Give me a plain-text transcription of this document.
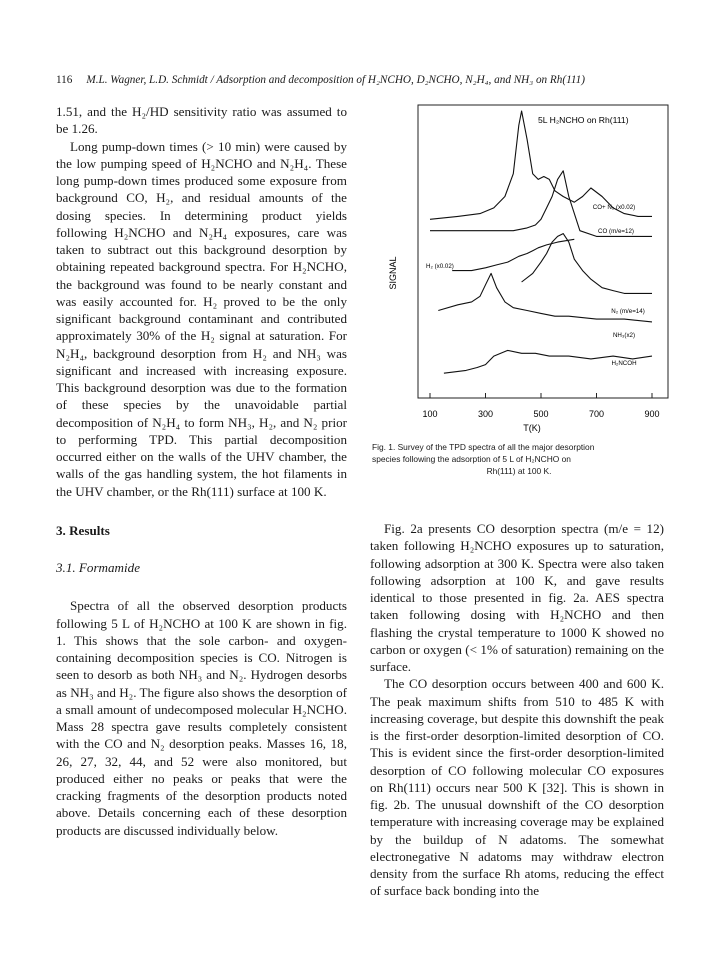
116 M.L. Wagner, L.D. Schmidt / Adsorption and decomposition of H₂NCHO, D₂NCHO, N₂H₄, and NH₃ on Rh(111)

1.51, and the H₂/HD sensitivity ratio was assumed to be 1.26.

Long pump-down times (> 10 min) were caused by the low pumping speed of H₂NCHO and N₂H₄. These long pump-down times produced some exposure from background CO, H₂, and residual amounts of the dosing species. In determining product yields following H₂NCHO and N₂H₄ exposures, care was taken to subtract out this background desorption by obtaining repeated background spectra. For H₂NCHO, the background was found to be nearly constant and was easily accounted for. H₂ proved to be the only significant background contaminant and contributed approximately 30% of the H₂ signal at saturation. For N₂H₄, background desorption from H₂ and NH₃ was significant and increased with increasing exposure. This background desorption was due to the formation of these species by the unavoidable partial decomposition of N₂H₄ to form NH₃, H₂, and N₂ prior to performing TPD. This partial decomposition occurred either on the walls of the UHV chamber, the walls of the gas handling system, the hot filaments in the UHV chamber, or the Rh(111) surface at 100 K.

3. Results

3.1. Formamide

Spectra of all the observed desorption products following 5 L of H₂NCHO at 100 K are shown in fig. 1. This shows that the sole carbon- and oxygen-containing decomposition species is CO. Nitrogen is seen to desorb as both NH₃ and N₂. Hydrogen desorbs as NH₃ and H₂. The figure also shows the desorption of a small amount of undecomposed molecular H₂NCHO. Mass 28 spectra gave results completely consistent with the CO and N₂ desorption peaks. Masses 16, 18, 26, 27, 32, 44, and 52 were also monitored, but produced either no peaks or peaks that were the cracking fragments of the desorption products noted above. Details concerning each of these desorption products are discussed individually below.

SIGNAL
T(K)
5L H₂NCHO on Rh(111)
100	300	500	700	900
CO+ N₂ (x0.02)
CO (m/e=12)
H₂ (x0.02)
N₂ (m/e=14)
NH₃(x2)
H₂NCOH
Fig. 1. Survey of the TPD spectra of all the major desorption
species following the adsorption of 5 L of H₂NCHO on
Rh(111) at 100 K.

Fig. 2a presents CO desorption spectra (m/e = 12) taken following H₂NCHO exposures up to saturation, following adsorption at 300 K. Spectra were also taken following adsorption at 100 K, and gave results identical to those presented in fig. 2a. AES spectra taken following dosing with H₂NCHO and then flashing the crystal temperature to 1000 K showed no carbon or oxygen (< 1% of saturation) remaining on the surface.

The CO desorption occurs between 400 and 600 K. The peak maximum shifts from 510 to 485 K with increasing coverage, but despite this downshift the peak is the first-order desorption-limited desorption of CO. This is evident since the first-order desorption-limited desorption of CO following molecular CO exposures on Rh(111) occurs near 500 K [32]. This is shown in fig. 2b. The unusual downshift of the CO desorption temperature with increasing coverage may be explained by the buildup of N adatoms. The somewhat electronegative N adatoms may withdraw electron density from the surface Rh atoms, reducing the effect of surface back bonding into the
